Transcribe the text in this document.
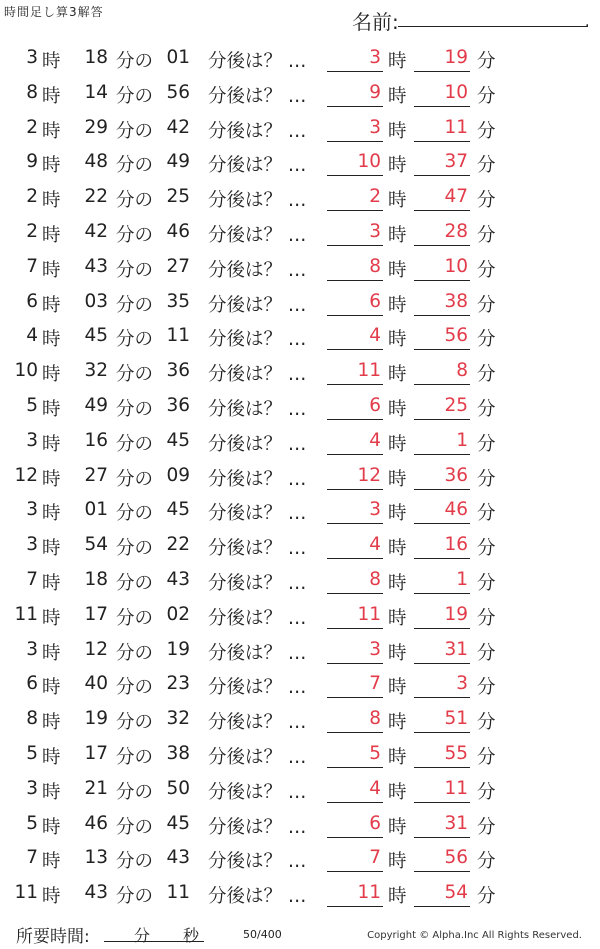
時間足し算3解答	名前:	.
3 時	18 分の 01 分後は？ …	3 時	19 分
8 時	14 分の 56 分後は？ …	9 時	10 分
2 時	29 分の 42 分後は？ …	3 時	11 分
9 時	48 分の 49 分後は？ …	10 時	37 分
2 時	22 分の 25 分後は？ …	2 時	47 分
2 時	42 分の 46 分後は？ …	3 時	28 分
7 時	43 分の 27 分後は？ …	8 時	10 分
6 時	03 分の 35 分後は？ …	6 時	38 分
4 時	45 分の 11 分後は？ …	4 時	56 分
10 時	32 分の 36 分後は？ …	11 時	8 分
5 時	49 分の 36 分後は？ …	6 時	25 分
3 時	16 分の 45 分後は？ …	4 時	1 分
12 時	27 分の 09 分後は？ …	12 時	36 分
3 時	01 分の 45 分後は？ …	3 時	46 分
3 時	54 分の 22 分後は？ …	4 時	16 分
7 時	18 分の 43 分後は？ …	8 時	1 分
11 時	17 分の 02 分後は？ …	11 時	19 分
3 時	12 分の 19 分後は？ …	3 時	31 分
6 時	40 分の 23 分後は？ …	7 時	3 分
8 時	19 分の 32 分後は？ …	8 時	51 分
5 時	17 分の 38 分後は？ …	5 時	55 分
3 時	21 分の 50 分後は？ …	4 時	11 分
5 時	46 分の 45 分後は？ …	6 時	31 分
7 時	13 分の 43 分後は？ …	7 時	56 分
11 時	43 分の 11 分後は？ …	11 時	54 分
所要時間:	分 秒	50/400	Copyright © Alpha.Inc All Rights Reserved.
